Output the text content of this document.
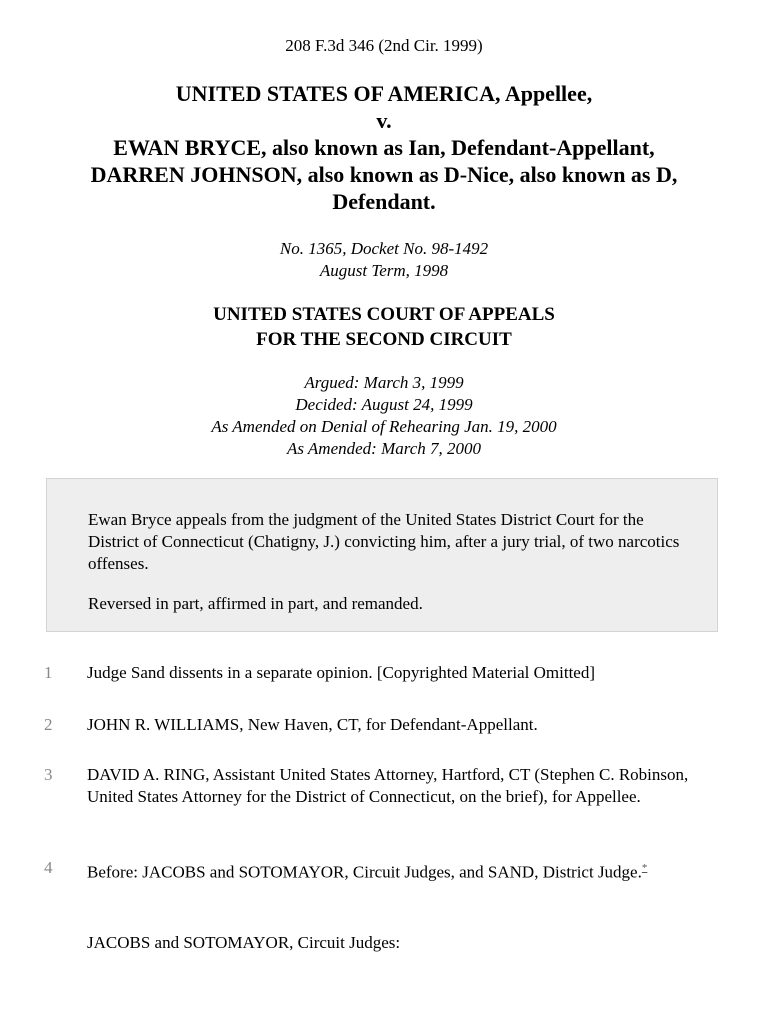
208 F.3d 346 (2nd Cir. 1999)
UNITED STATES OF AMERICA, Appellee,
v.
EWAN BRYCE, also known as Ian, Defendant-Appellant,
DARREN JOHNSON, also known as D-Nice, also known as D,
Defendant.
No. 1365, Docket No. 98-1492
August Term, 1998
UNITED STATES COURT OF APPEALS
FOR THE SECOND CIRCUIT
Argued: March 3, 1999
Decided: August 24, 1999
As Amended on Denial of Rehearing Jan. 19, 2000
As Amended: March 7, 2000
Ewan Bryce appeals from the judgment of the United States District Court for the District of Connecticut (Chatigny, J.) convicting him, after a jury trial, of two narcotics offenses.
Reversed in part, affirmed in part, and remanded.
1 Judge Sand dissents in a separate opinion. [Copyrighted Material Omitted]
2 JOHN R. WILLIAMS, New Haven, CT, for Defendant-Appellant.
3 DAVID A. RING, Assistant United States Attorney, Hartford, CT (Stephen C. Robinson, United States Attorney for the District of Connecticut, on the brief), for Appellee.
4 Before: JACOBS and SOTOMAYOR, Circuit Judges, and SAND, District Judge.*
JACOBS and SOTOMAYOR, Circuit Judges:
